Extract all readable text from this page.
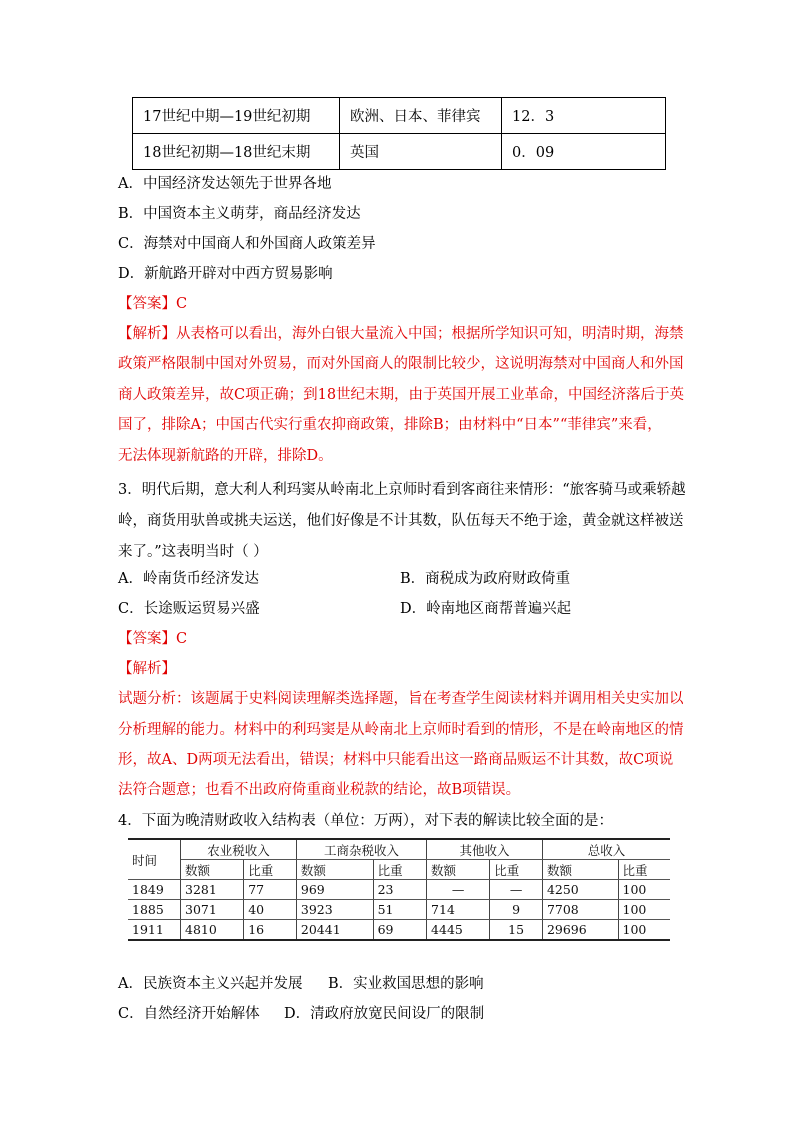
17世纪中期—19世纪初期	欧洲、日本、菲律宾	12．3
18世纪初期—18世纪末期	英国	0．09
A．中国经济发达领先于世界各地
B．中国资本主义萌芽，商品经济发达
C．海禁对中国商人和外国商人政策差异
D．新航路开辟对中西方贸易影响
【答案】C
【解析】从表格可以看出，海外白银大量流入中国；根据所学知识可知，明清时期，海禁
政策严格限制中国对外贸易，而对外国商人的限制比较少，这说明海禁对中国商人和外国
商人政策差异，故C项正确；到18世纪末期，由于英国开展工业革命，中国经济落后于英
国了，排除A；中国古代实行重农抑商政策，排除B；由材料中“日本”“菲律宾”来看，
无法体现新航路的开辟，排除D。
3．明代后期，意大利人利玛窦从岭南北上京师时看到客商往来情形：“旅客骑马或乘轿越
岭，商货用驮兽或挑夫运送，他们好像是不计其数，队伍每天不绝于途，黄金就这样被送
来了。”这表明当时（ ）
A．岭南货币经济发达	B．商税成为政府财政倚重
C．长途贩运贸易兴盛	D．岭南地区商帮普遍兴起
【答案】C
【解析】
试题分析：该题属于史料阅读理解类选择题，旨在考查学生阅读材料并调用相关史实加以
分析理解的能力。材料中的利玛窦是从岭南北上京师时看到的情形，不是在岭南地区的情
形，故A、D两项无法看出，错误；材料中只能看出这一路商品贩运不计其数，故C项说
法符合题意；也看不出政府倚重商业税款的结论，故B项错误。
4．下面为晚清财政收入结构表（单位：万两），对下表的解读比较全面的是：
时间	农业税收入		工商杂税收入		其他收入		总收入	
	数额	比重	数额	比重	数额	比重	数额	比重
1849	3281	77	969	23	—	—	4250	100
1885	3071	40	3923	51	714	9	7708	100
1911	4810	16	20441	69	4445	15	29696	100
A．民族资本主义兴起并发展 B．实业救国思想的影响
C．自然经济开始解体 D．清政府放宽民间设厂的限制
